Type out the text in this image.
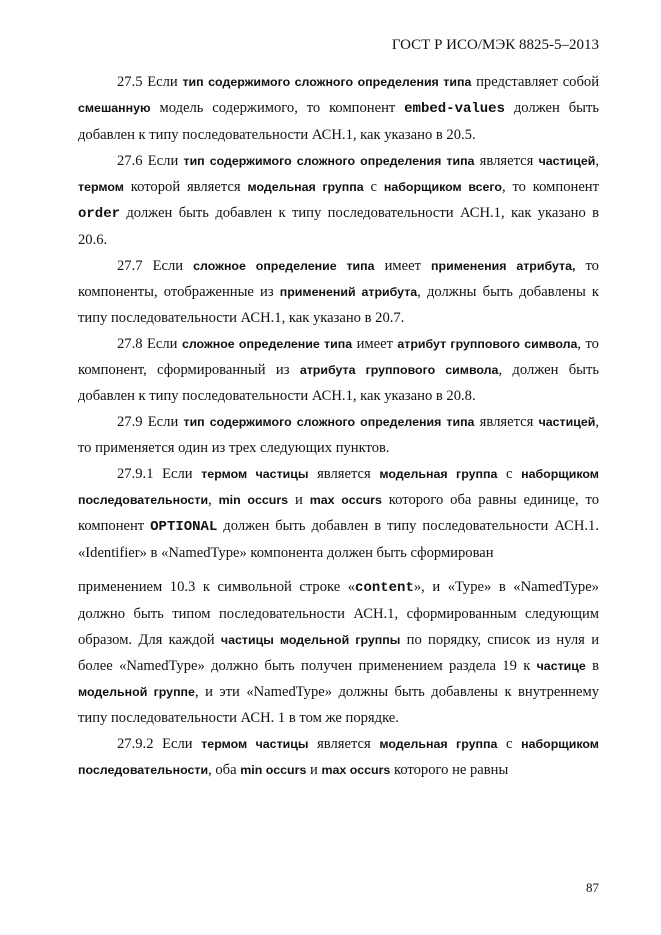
ГОСТ Р ИСО/МЭК 8825-5–2013

27.5 Если тип содержимого сложного определения типа представляет собой смешанную модель содержимого, то компонент embed-values должен быть добавлен к типу последовательности АСН.1, как указано в 20.5.

27.6 Если тип содержимого сложного определения типа является частицей, термом которой является модельная группа с наборщиком всего, то компонент order должен быть добавлен к типу последовательности АСН.1, как указано в 20.6.

27.7 Если сложное определение типа имеет применения атрибута, то компоненты, отображенные из применений атрибута, должны быть добавлены к типу последовательности АСН.1, как указано в 20.7.

27.8 Если сложное определение типа имеет атрибут группового символа, то компонент, сформированный из атрибута группового символа, должен быть добавлен к типу последовательности АСН.1, как указано в 20.8.

27.9 Если тип содержимого сложного определения типа является частицей, то применяется один из трех следующих пунктов.

27.9.1 Если термом частицы является модельная группа с наборщиком последовательности, min occurs и max occurs которого оба равны единице, то компонент OPTIONAL должен быть добавлен в типу последовательности АСН.1. «Identifier» в «NamedType» компонента должен быть сформирован

применением 10.3 к символьной строке «content», и «Type» в «NamedType» должно быть типом последовательности АСН.1, сформированным следующим образом. Для каждой частицы модельной группы по порядку, список из нуля и более «NamedType» должно быть получен применением раздела 19 к частице в модельной группе, и эти «NamedType» должны быть добавлены к внутреннему типу последовательности АСН. 1 в том же порядке.

27.9.2 Если термом частицы является модельная группа с наборщиком последовательности, оба min occurs и max occurs которого не равны

87
